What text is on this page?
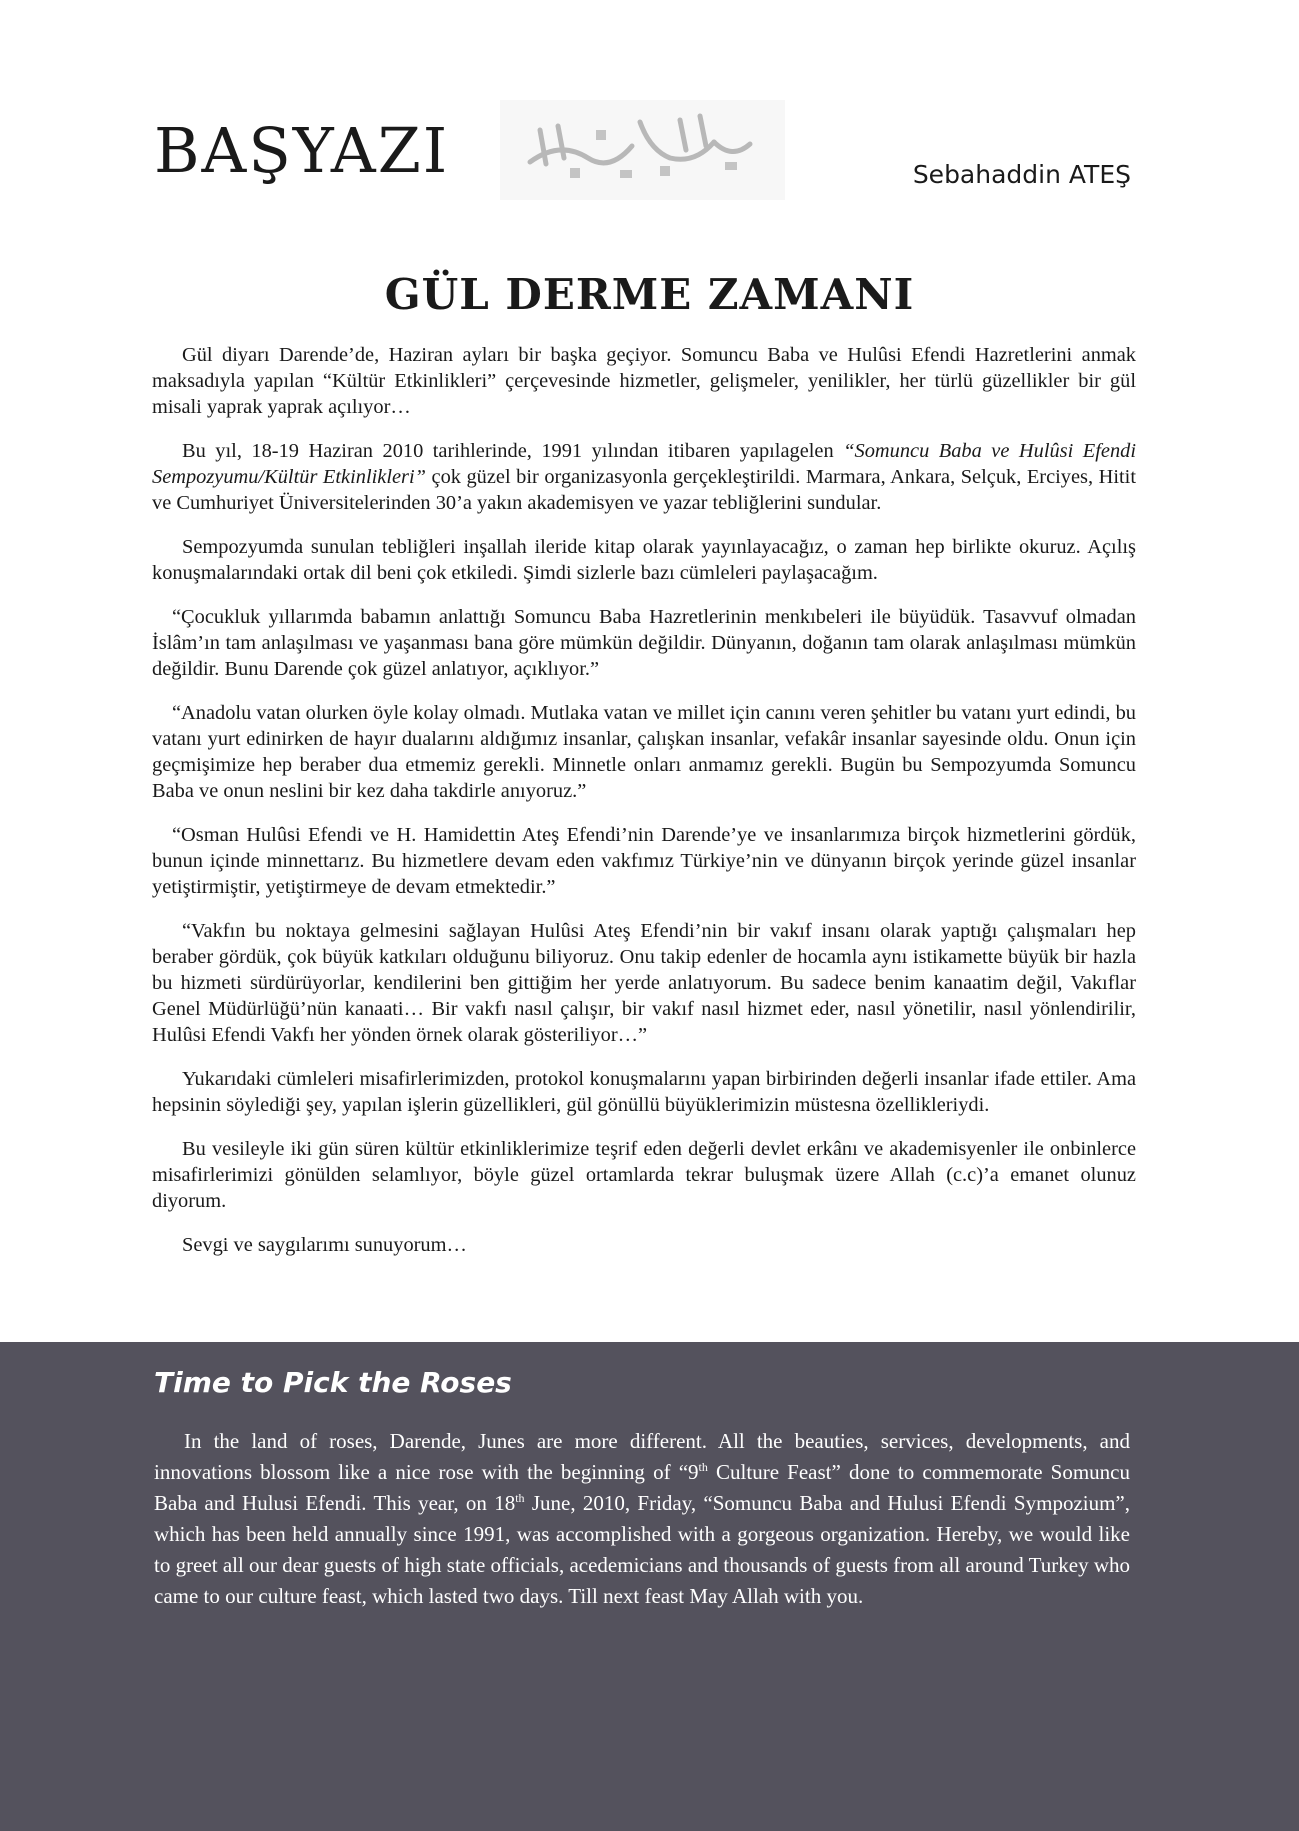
BAŞYAZI	Sebahaddin ATEŞ
GÜL DERME ZAMANI

Gül diyarı Darende’de, Haziran ayları bir başka geçiyor. Somuncu Baba ve Hulûsi Efendi Hazretlerini anmak maksadıyla yapılan “Kültür Etkinlikleri” çerçevesinde hizmetler, gelişmeler, yenilikler, her türlü güzellikler bir gül misali yaprak yaprak açılıyor…

Bu yıl, 18-19 Haziran 2010 tarihlerinde, 1991 yılından itibaren yapılagelen “Somuncu Baba ve Hulûsi Efendi Sempozyumu/Kültür Etkinlikleri” çok güzel bir organizasyonla gerçekleştirildi. Marmara, Ankara, Selçuk, Erciyes, Hitit ve Cumhuriyet Üniversitelerinden 30’a yakın akademisyen ve yazar tebliğlerini sundular.

Sempozyumda sunulan tebliğleri inşallah ileride kitap olarak yayınlayacağız, o zaman hep birlikte okuruz. Açılış konuşmalarındaki ortak dil beni çok etkiledi. Şimdi sizlerle bazı cümleleri paylaşacağım.

“Çocukluk yıllarımda babamın anlattığı Somuncu Baba Hazretlerinin menkıbeleri ile büyüdük. Tasavvuf olmadan İslâm’ın tam anlaşılması ve yaşanması bana göre mümkün değildir. Dünyanın, doğanın tam olarak anlaşılması mümkün değildir. Bunu Darende çok güzel anlatıyor, açıklıyor.”

“Anadolu vatan olurken öyle kolay olmadı. Mutlaka vatan ve millet için canını veren şehitler bu vatanı yurt edindi, bu vatanı yurt edinirken de hayır dualarını aldığımız insanlar, çalışkan insanlar, vefakâr insanlar sayesinde oldu. Onun için geçmişimize hep beraber dua etmemiz gerekli. Minnetle onları anmamız gerekli. Bugün bu Sempozyumda Somuncu Baba ve onun neslini bir kez daha takdirle anıyoruz.”

“Osman Hulûsi Efendi ve H. Hamidettin Ateş Efendi’nin Darende’ye ve insanlarımıza birçok hizmetlerini gördük, bunun içinde minnettarız. Bu hizmetlere devam eden vakfımız Türkiye’nin ve dünyanın birçok yerinde güzel insanlar yetiştirmiştir, yetiştirmeye de devam etmektedir.”

“Vakfın bu noktaya gelmesini sağlayan Hulûsi Ateş Efendi’nin bir vakıf insanı olarak yaptığı çalışmaları hep beraber gördük, çok büyük katkıları olduğunu biliyoruz. Onu takip edenler de hocamla aynı istikamette büyük bir hazla bu hizmeti sürdürüyorlar, kendilerini ben gittiğim her yerde anlatıyorum. Bu sadece benim kanaatim değil, Vakıflar Genel Müdürlüğü’nün kanaati… Bir vakfı nasıl çalışır, bir vakıf nasıl hizmet eder, nasıl yönetilir, nasıl yönlendirilir, Hulûsi Efendi Vakfı her yönden örnek olarak gösteriliyor…”

Yukarıdaki cümleleri misafirlerimizden, protokol konuşmalarını yapan birbirinden değerli insanlar ifade ettiler. Ama hepsinin söylediği şey, yapılan işlerin güzellikleri, gül gönüllü büyüklerimizin müstesna özellikleriydi.

Bu vesileyle iki gün süren kültür etkinliklerimize teşrif eden değerli devlet erkânı ve akademisyenler ile onbinlerce misafirlerimizi gönülden selamlıyor, böyle güzel ortamlarda tekrar buluşmak üzere Allah (c.c)’a emanet olunuz diyorum.

Sevgi ve saygılarımı sunuyorum…

Time to Pick the Roses
In the land of roses, Darende, Junes are more different. All the beauties, services, developments, and innovations blossom like a nice rose with the beginning of “9th Culture Feast” done to commemorate Somuncu Baba and Hulusi Efendi. This year, on 18th June, 2010, Friday, “Somuncu Baba and Hulusi Efendi Sympozium”, which has been held annually since 1991, was accomplished with a gorgeous organization. Hereby, we would like to greet all our dear guests of high state officials, acedemicians and thousands of guests from all around Turkey who came to our culture feast, which lasted two days. Till next feast May Allah with you.
